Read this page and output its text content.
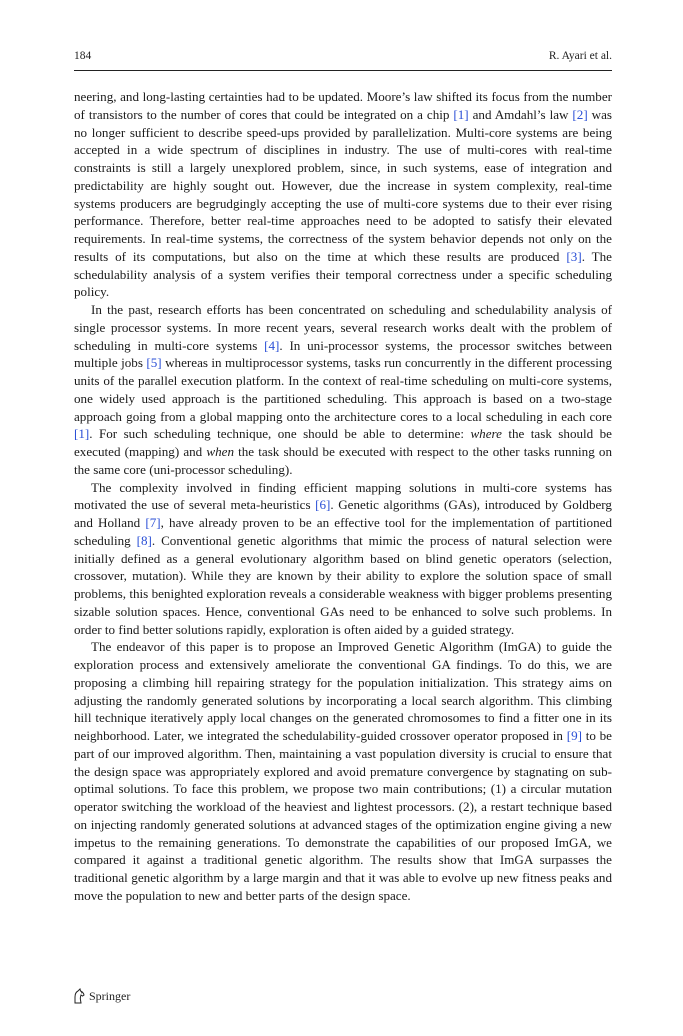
184	R. Ayari et al.

neering, and long-lasting certainties had to be updated. Moore’s law shifted its focus from the number of transistors to the number of cores that could be integrated on a chip [1] and Amdahl’s law [2] was no longer sufficient to describe speed-ups provided by parallelization. Multi-core systems are being accepted in a wide spectrum of disciplines in industry. The use of multi-cores with real-time constraints is still a largely unexplored problem, since, in such systems, ease of integration and predictability are highly sought out. However, due the increase in system complexity, real-time systems producers are begrudgingly accepting the use of multi-core systems due to their ever rising performance. Therefore, better real-time approaches need to be adopted to satisfy their elevated requirements. In real-time systems, the correctness of the system behavior depends not only on the results of its computations, but also on the time at which these results are produced [3]. The schedulability analysis of a system verifies their temporal correctness under a specific scheduling policy.

In the past, research efforts has been concentrated on scheduling and schedulability analysis of single processor systems. In more recent years, several research works dealt with the problem of scheduling in multi-core systems [4]. In uni-processor systems, the processor switches between multiple jobs [5] whereas in multiprocessor systems, tasks run concurrently in the different processing units of the parallel execution platform. In the context of real-time scheduling on multi-core systems, one widely used approach is the partitioned scheduling. This approach is based on a two-stage approach going from a global mapping onto the architecture cores to a local scheduling in each core [1]. For such scheduling technique, one should be able to determine: where the task should be executed (mapping) and when the task should be executed with respect to the other tasks running on the same core (uni-processor scheduling).

The complexity involved in finding efficient mapping solutions in multi-core systems has motivated the use of several meta-heuristics [6]. Genetic algorithms (GAs), introduced by Goldberg and Holland [7], have already proven to be an effective tool for the implementation of partitioned scheduling [8]. Conventional genetic algorithms that mimic the process of natural selection were initially defined as a general evolutionary algorithm based on blind genetic operators (selection, crossover, mutation). While they are known by their ability to explore the solution space of small problems, this benighted exploration reveals a considerable weakness with bigger problems presenting sizable solution spaces. Hence, conventional GAs need to be enhanced to solve such problems. In order to find better solutions rapidly, exploration is often aided by a guided strategy.

The endeavor of this paper is to propose an Improved Genetic Algorithm (ImGA) to guide the exploration process and extensively ameliorate the conventional GA findings. To do this, we are proposing a climbing hill repairing strategy for the population initialization. This strategy aims on adjusting the randomly generated solutions by incorporating a local search algorithm. This climbing hill technique iteratively apply local changes on the generated chromosomes to find a fitter one in its neighborhood. Later, we integrated the schedulability-guided crossover operator proposed in [9] to be part of our improved algorithm. Then, maintaining a vast population diversity is crucial to ensure that the design space was appropriately explored and avoid premature convergence by stagnating on sub-optimal solutions. To face this problem, we propose two main contributions; (1) a circular mutation operator switching the workload of the heaviest and lightest processors. (2), a restart technique based on injecting randomly generated solutions at advanced stages of the optimization engine giving a new impetus to the remaining generations. To demonstrate the capabilities of our proposed ImGA, we compared it against a traditional genetic algorithm. The results show that ImGA surpasses the traditional genetic algorithm by a large margin and that it was able to evolve up new fitness peaks and move the population to new and better parts of the design space.

Springer
